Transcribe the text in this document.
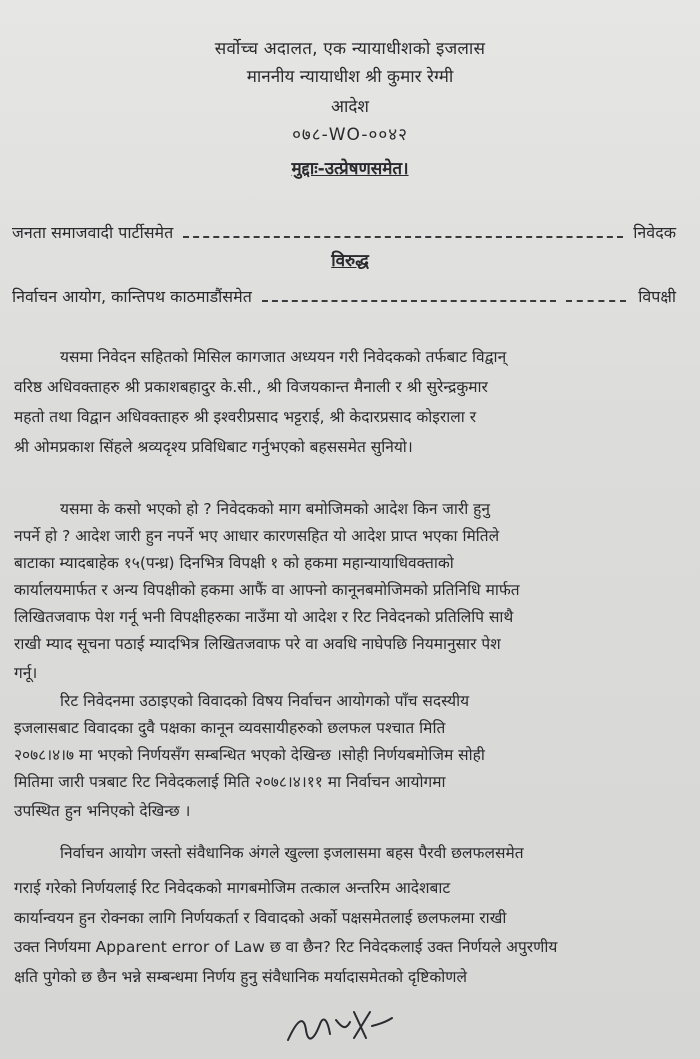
सर्वोच्च अदालत, एक न्यायाधीशको इजलास
माननीय न्यायाधीश श्री कुमार रेग्मी
आदेश
०७८-WO-००४२
मुद्दाः-उत्प्रेषणसमेत।
जनता समाजवादी पार्टीसमेत	निवेदक
विरुद्ध
निर्वाचन आयोग, कान्तिपथ काठमाडौंसमेत	विपक्षी
यसमा निवेदन सहितको मिसिल कागजात अध्ययन गरी निवेदकको तर्फबाट विद्वान्
वरिष्ठ अधिवक्ताहरु श्री प्रकाशबहादुर के.सी., श्री विजयकान्त मैनाली र श्री सुरेन्द्रकुमार
महतो तथा विद्वान अधिवक्ताहरु श्री इश्वरीप्रसाद भट्टराई, श्री केदारप्रसाद कोइराला र
श्री ओमप्रकाश सिंहले श्रव्यदृश्य प्रविधिबाट गर्नुभएको बहससमेत सुनियो।
यसमा के कसो भएको हो ? निवेदकको माग बमोजिमको आदेश किन जारी हुनु
नपर्ने हो ? आदेश जारी हुन नपर्ने भए आधार कारणसहित यो आदेश प्राप्त भएका मितिले
बाटाका म्यादबाहेक १५(पन्ध्र) दिनभित्र विपक्षी १ को हकमा महान्यायाधिवक्ताको
कार्यालयमार्फत र अन्य विपक्षीको हकमा आफैं वा आफ्नो कानूनबमोजिमको प्रतिनिधि मार्फत
लिखितजवाफ पेश गर्नू भनी विपक्षीहरुका नाउँमा यो आदेश र रिट निवेदनको प्रतिलिपि साथै
राखी म्याद सूचना पठाई म्यादभित्र लिखितजवाफ परे वा अवधि नाघेपछि नियमानुसार पेश
गर्नू।
रिट निवेदनमा उठाइएको विवादको विषय निर्वाचन आयोगको पाँच सदस्यीय
इजलासबाट विवादका दुवै पक्षका कानून व्यवसायीहरुको छलफल पश्चात मिति
२०७८।४।७ मा भएको निर्णयसँग सम्बन्धित भएको देखिन्छ ।सोही निर्णयबमोजिम सोही
मितिमा जारी पत्रबाट रिट निवेदकलाई मिति २०७८।४।११ मा निर्वाचन आयोगमा
उपस्थित हुन भनिएको देखिन्छ ।
निर्वाचन आयोग जस्तो संवैधानिक अंगले खुल्ला इजलासमा बहस पैरवी छलफलसमेत
गराई गरेको निर्णयलाई रिट निवेदकको मागबमोजिम तत्काल अन्तरिम आदेशबाट
कार्यान्वयन हुन रोक्नका लागि निर्णयकर्ता र विवादको अर्को पक्षसमेतलाई छलफलमा राखी
उक्त निर्णयमा Apparent error of Law छ वा छैन? रिट निवेदकलाई उक्त निर्णयले अपुरणीय
क्षति पुगेको छ छैन भन्ने सम्बन्धमा निर्णय हुनु संवैधानिक मर्यादासमेतको दृष्टिकोणले
